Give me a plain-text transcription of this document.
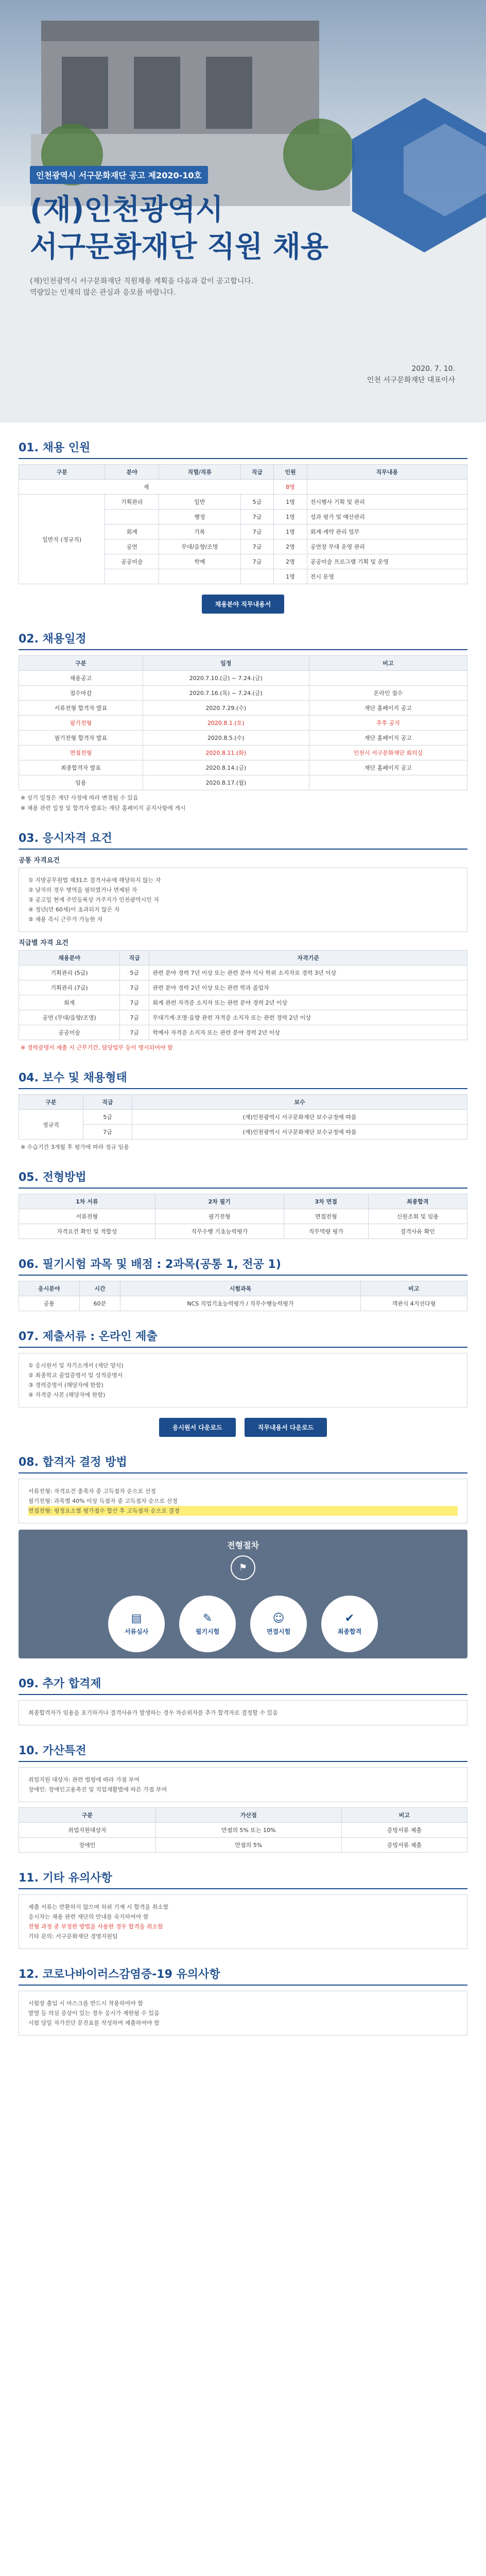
인천광역시 서구문화재단 공고 제2020-10호
(재)인천광역시
서구문화재단 직원 채용
(재)인천광역시 서구문화재단 직원채용 계획을 다음과 같이 공고합니다.
역량있는 인재의 많은 관심과 응모를 바랍니다.
2020. 7. 10.
인천 서구문화재단 대표이사
01. 채용 인원
구분	분야	직렬/직류	직급	인원	직무내용
계				8명	
일반직 (정규직)	기획관리	일반	5급	1명	전시행사 기획 및 관리
		행정	7급	1명	성과 평가 및 예산관리
	회계	기록	7급	1명	회계·계약 관리 업무
	공연	무대/음향/조명	7급	2명	공연장 무대 운영 관리
	공공미술	학예	7급	2명	공공미술 프로그램 기획 및 운영
				1명	전시 운영
채용분야 직무내용서
02. 채용일정
구분	일정	비고
채용공고	2020.7.10.(금) ~ 7.24.(금)	
접수마감	2020.7.16.(목) ~ 7.24.(금)	온라인 접수
서류전형 합격자 발표	2020.7.29.(수)	재단 홈페이지 공고
필기전형	2020.8.1.(토)	추후 공지
필기전형 합격자 발표	2020.8.5.(수)	재단 홈페이지 공고
면접전형	2020.8.11.(화)	인천시 서구문화재단 회의실
최종합격자 발표	2020.8.14.(금)	재단 홈페이지 공고
임용	2020.8.17.(월)	
※ 상기 일정은 재단 사정에 따라 변경될 수 있음
※ 채용 관련 일정 및 합격자 발표는 재단 홈페이지 공지사항에 게시
03. 응시자격 요건
공통 자격요건
① 지방공무원법 제31조 결격사유에 해당하지 않는 자
② 남자의 경우 병역을 필하였거나 면제된 자
③ 공고일 현재 주민등록상 거주지가 인천광역시인 자
④ 정년(만 60세)이 초과되지 않은 자
⑤ 채용 즉시 근무가 가능한 자
직급별 자격 요건
채용분야	직급	자격기준
기획관리 (5급)	5급	관련 분야 경력 7년 이상 또는 관련 분야 석사 학위 소지자로 경력 3년 이상
기획관리 (7급)	7급	관련 분야 경력 2년 이상 또는 관련 학과 졸업자
회계	7급	회계 관련 자격증 소지자 또는 관련 분야 경력 2년 이상
공연 (무대/음향/조명)	7급	무대기계·조명·음향 관련 자격증 소지자 또는 관련 경력 2년 이상
공공미술	7급	학예사 자격증 소지자 또는 관련 분야 경력 2년 이상
※ 경력증명서 제출 시 근무기간, 담당업무 등이 명시되어야 함
04. 보수 및 채용형태
구분	직급	보수
정규직	5급	(재)인천광역시 서구문화재단 보수규정에 따름
	7급	(재)인천광역시 서구문화재단 보수규정에 따름
※ 수습기간 3개월 후 평가에 따라 정규 임용
05. 전형방법
1차 서류	2차 필기	3차 면접	최종합격
서류전형	필기전형	면접전형	신원조회 및 임용
자격요건 확인 및 적합성	직무수행 기초능력평가	직무역량 평가	결격사유 확인
06. 필기시험 과목 및 배점 : 2과목(공통 1, 전공 1)
응시분야	시간	시험과목	비고
공통	60분	NCS 직업기초능력평가 / 직무수행능력평가	객관식 4지선다형
07. 제출서류 : 온라인 제출
① 응시원서 및 자기소개서 (재단 양식)
② 최종학교 졸업증명서 및 성적증명서
③ 경력증명서 (해당자에 한함)
④ 자격증 사본 (해당자에 한함)
응시원서 다운로드	직무내용서 다운로드
08. 합격자 결정 방법
서류전형: 자격요건 충족자 중 고득점자 순으로 선정
필기전형: 과목별 40% 이상 득점자 중 고득점자 순으로 선정
면접전형: 평정요소별 평가점수 합산 후 고득점자 순으로 결정
전형절차
⚑
▤
서류심사
✎
필기시험
☺
면접시험
✔
최종합격
09. 추가 합격제
최종합격자가 임용을 포기하거나 결격사유가 발생하는 경우 차순위자를 추가 합격자로 결정할 수 있음
10. 가산특전
취업지원 대상자: 관련 법령에 따라 가점 부여
장애인: 장애인고용촉진 및 직업재활법에 따른 가점 부여
구분	가산점	비고
취업지원대상자	만점의 5% 또는 10%	증빙서류 제출
장애인	만점의 5%	증빙서류 제출
11. 기타 유의사항
제출 서류는 반환하지 않으며 허위 기재 시 합격을 취소함
응시자는 채용 관련 재단의 안내를 숙지하여야 함
전형 과정 중 부정한 방법을 사용한 경우 합격을 취소함
기타 문의: 서구문화재단 경영지원팀
12. 코로나바이러스감염증-19 유의사항
시험장 출입 시 마스크를 반드시 착용하여야 함
발열 등 의심 증상이 있는 경우 응시가 제한될 수 있음
시험 당일 자가진단 문진표를 작성하여 제출하여야 함
